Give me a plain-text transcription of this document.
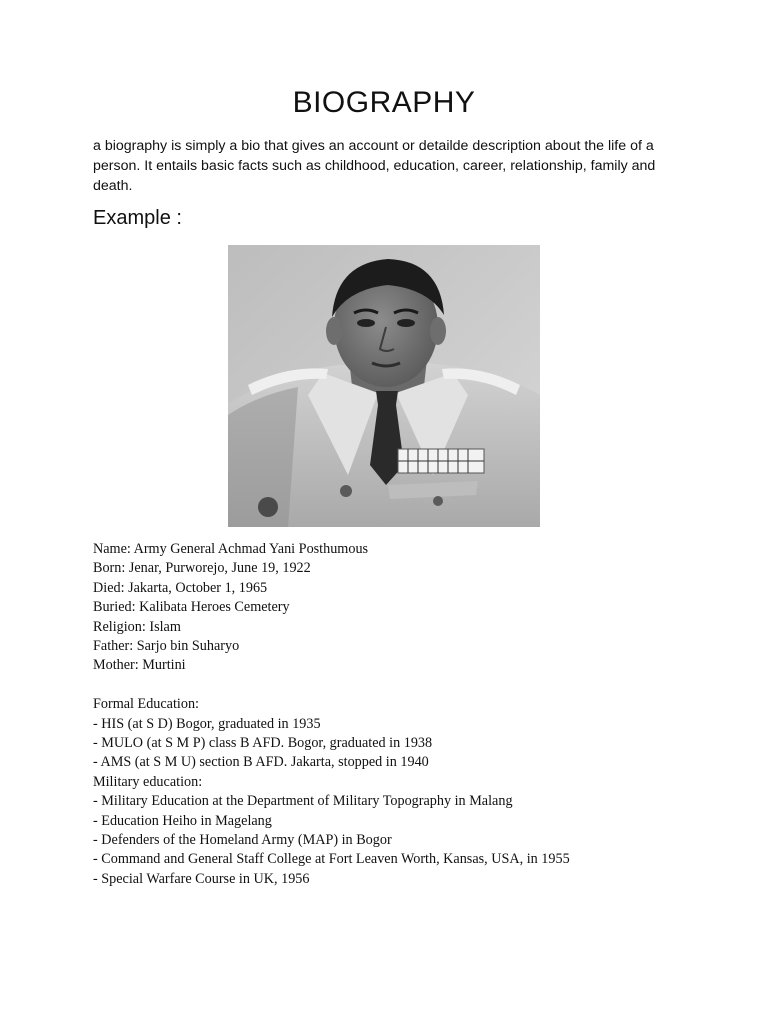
BIOGRAPHY
a biography is simply a bio that gives an account or detailde description about the life of a person. It entails basic facts such as childhood, education, career, relationship, family and death.
Example :
Name: Army General Achmad Yani Posthumous
Born: Jenar, Purworejo, June 19, 1922
Died: Jakarta, October 1, 1965
Buried: Kalibata Heroes Cemetery
Religion: Islam
Father: Sarjo bin Suharyo
Mother: Murtini
Formal Education:
- HIS (at S D) Bogor, graduated in 1935
- MULO (at S M P) class B AFD. Bogor, graduated in 1938
- AMS (at S M U) section B AFD. Jakarta, stopped in 1940
Military education:
- Military Education at the Department of Military Topography in Malang
- Education Heiho in Magelang
- Defenders of the Homeland Army (MAP) in Bogor
- Command and General Staff College at Fort Leaven Worth, Kansas, USA, in 1955
- Special Warfare Course in UK, 1956
